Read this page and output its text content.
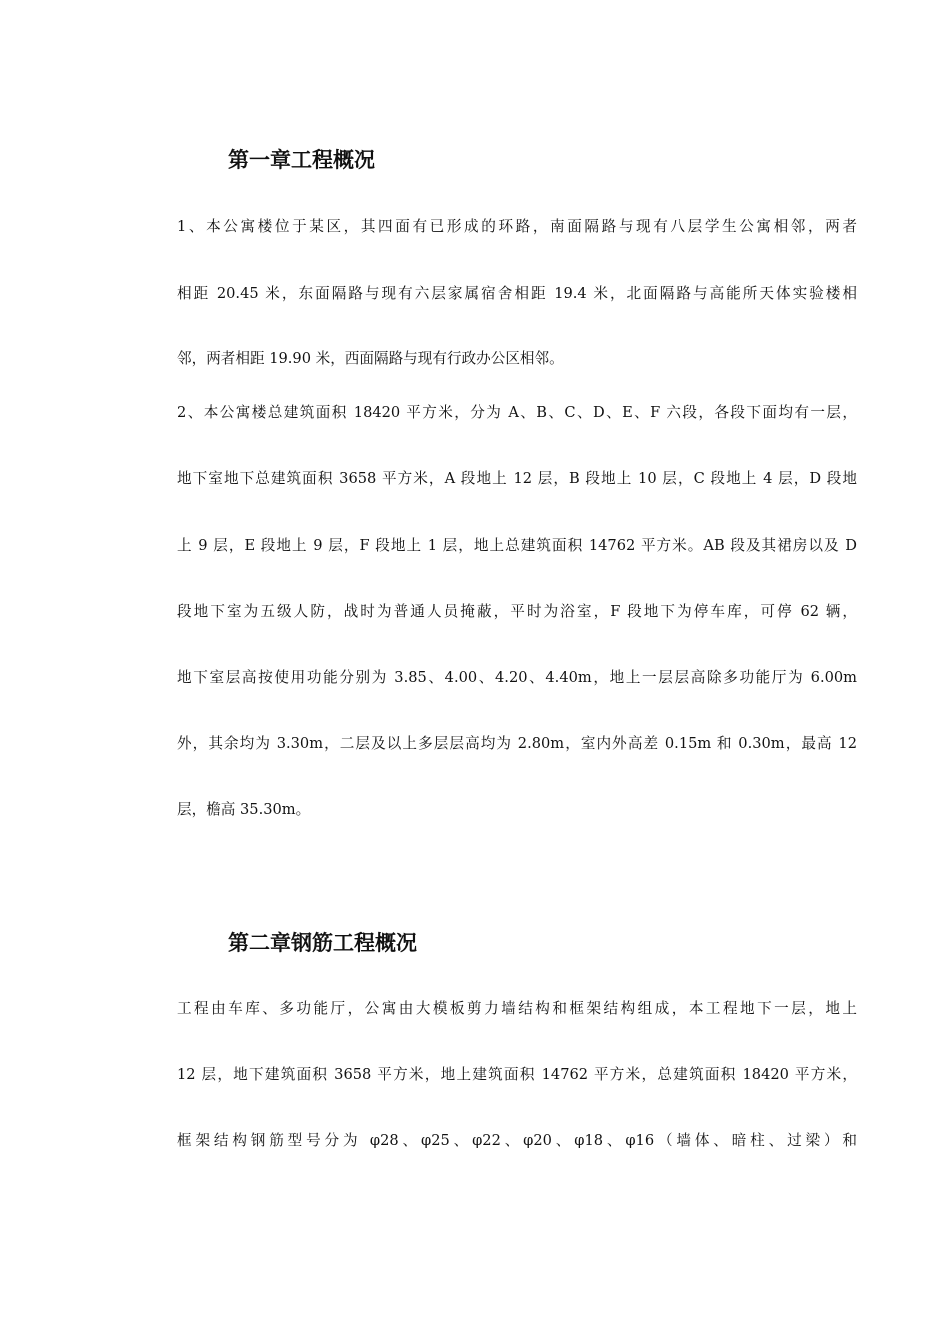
第一章工程概况

1、本公寓楼位于某区，其四面有已形成的环路，南面隔路与现有八层学生公寓相邻，两者

相距 20.45 米，东面隔路与现有六层家属宿舍相距 19.4 米，北面隔路与高能所天体实验楼相

邻，两者相距 19.90 米，西面隔路与现有行政办公区相邻。

2、本公寓楼总建筑面积 18420 平方米，分为 A、B、C、D、E、F 六段，各段下面均有一层，

地下室地下总建筑面积 3658 平方米，A 段地上 12 层，B 段地上 10 层，C 段地上 4 层，D 段地

上 9 层，E 段地上 9 层，F 段地上 1 层，地上总建筑面积 14762 平方米。AB 段及其裙房以及 D

段地下室为五级人防，战时为普通人员掩蔽，平时为浴室，F 段地下为停车库，可停 62 辆，

地下室层高按使用功能分别为 3.85、4.00、4.20、4.40m，地上一层层高除多功能厅为 6.00m

外，其余均为 3.30m，二层及以上多层层高均为 2.80m，室内外高差 0.15m 和 0.30m，最高 12

层，檐高 35.30m。

第二章钢筋工程概况

工程由车库、多功能厅，公寓由大模板剪力墙结构和框架结构组成，本工程地下一层，地上

12 层，地下建筑面积 3658 平方米，地上建筑面积 14762 平方米，总建筑面积 18420 平方米，

框架结构钢筋型号分为 φ28、φ25、φ22、φ20、φ18、φ16（墙体、暗柱、过梁）和
